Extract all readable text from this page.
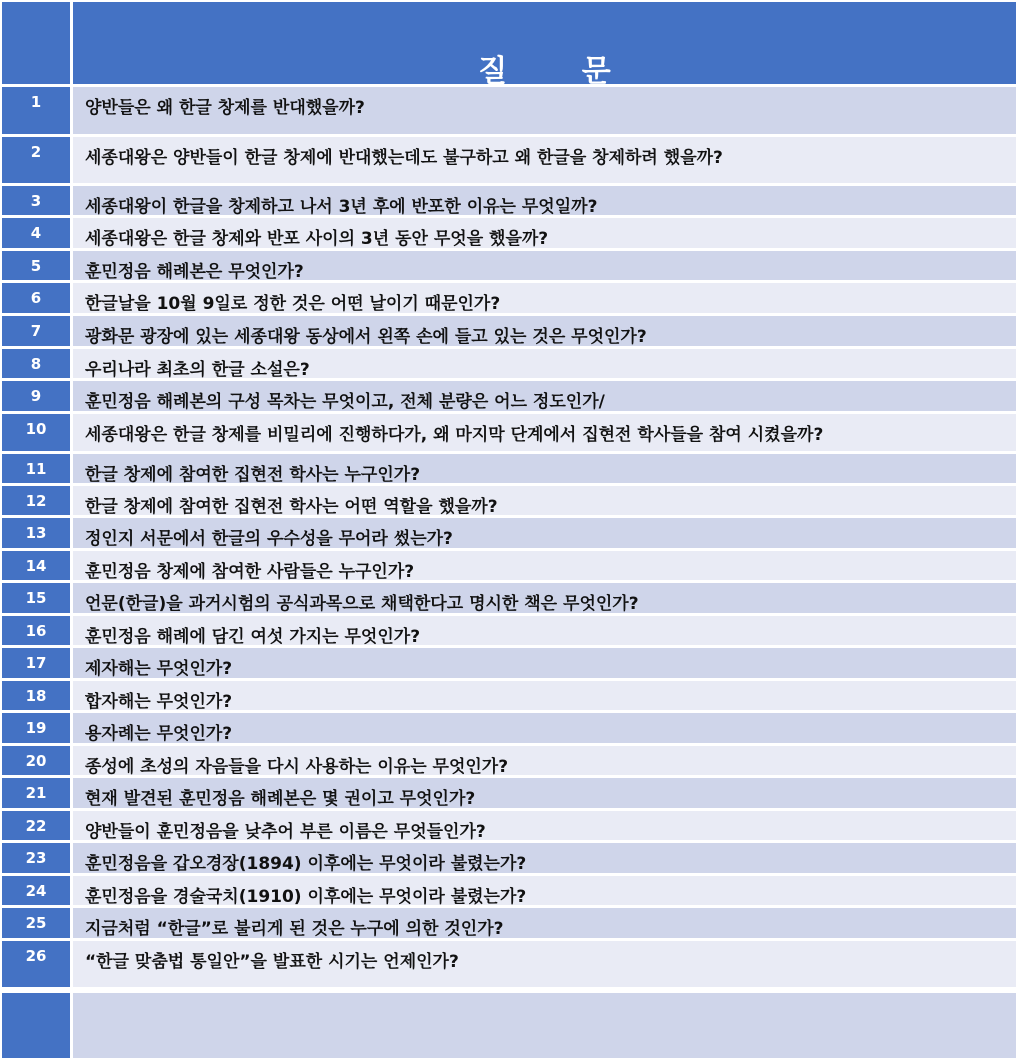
질 문
1	양반들은 왜 한글 창제를 반대했을까?
2	세종대왕은 양반들이 한글 창제에 반대했는데도 불구하고 왜 한글을 창제하려 했을까?
3	세종대왕이 한글을 창제하고 나서 3년 후에 반포한 이유는 무엇일까?
4	세종대왕은 한글 창제와 반포 사이의 3년 동안 무엇을 했을까?
5	훈민정음 해례본은 무엇인가?
6	한글날을 10월 9일로 정한 것은 어떤 날이기 때문인가?
7	광화문 광장에 있는 세종대왕 동상에서 왼쪽 손에 들고 있는 것은 무엇인가?
8	우리나라 최초의 한글 소설은?
9	훈민정음 해례본의 구성 목차는 무엇이고, 전체 분량은 어느 정도인가/
10	세종대왕은 한글 창제를 비밀리에 진행하다가, 왜 마지막 단계에서 집현전 학사들을 참여 시켰을까?
11	한글 창제에 참여한 집현전 학사는 누구인가?
12	한글 창제에 참여한 집현전 학사는 어떤 역할을 했을까?
13	정인지 서문에서 한글의 우수성을 무어라 썼는가?
14	훈민정음 창제에 참여한 사람들은 누구인가?
15	언문(한글)을 과거시험의 공식과목으로 채택한다고 명시한 책은 무엇인가?
16	훈민정음 해례에 담긴 여섯 가지는 무엇인가?
17	제자해는 무엇인가?
18	합자해는 무엇인가?
19	용자례는 무엇인가?
20	종성에 초성의 자음들을 다시 사용하는 이유는 무엇인가?
21	현재 발견된 훈민정음 해례본은 몇 권이고 무엇인가?
22	양반들이 훈민정음을 낮추어 부른 이름은 무엇들인가?
23	훈민정음을 갑오경장(1894) 이후에는 무엇이라 불렸는가?
24	훈민정음을 경술국치(1910) 이후에는 무엇이라 불렸는가?
25	지금처럼 “한글”로 불리게 된 것은 누구에 의한 것인가?
26	“한글 맞춤법 통일안”을 발표한 시기는 언제인가?
